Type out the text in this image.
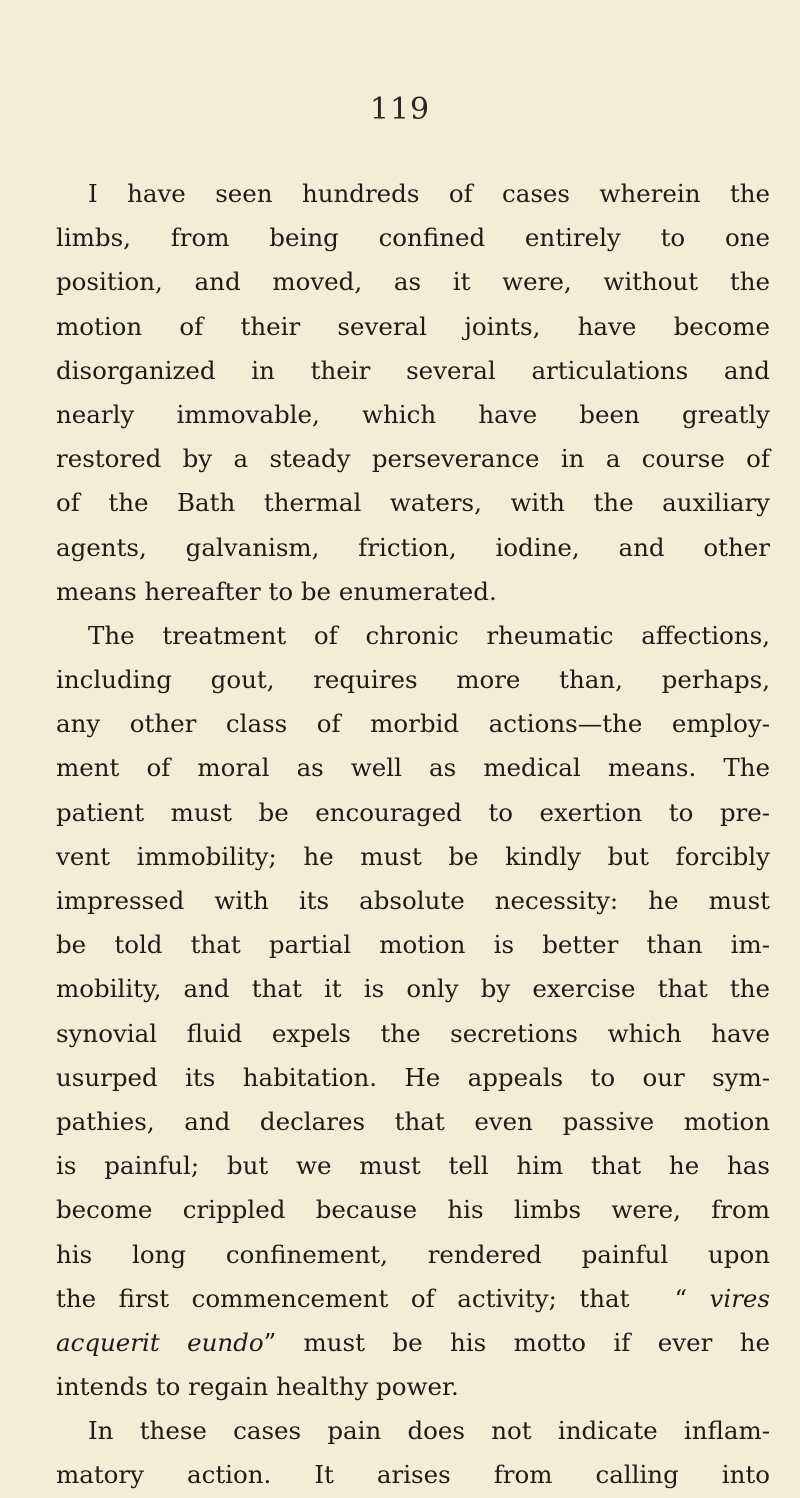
119
I have seen hundreds of cases wherein the
limbs, from being confined entirely to one
position, and moved, as it were, without the
motion of their several joints, have become
disorganized in their several articulations and
nearly immovable, which have been greatly
restored by a steady perseverance in a course of
of the Bath thermal waters, with the auxiliary
agents, galvanism, friction, iodine, and other
means hereafter to be enumerated.
The treatment of chronic rheumatic affections,
including gout, requires more than, perhaps,
any other class of morbid actions—the employ-
ment of moral as well as medical means. The
patient must be encouraged to exertion to pre-
vent immobility; he must be kindly but forcibly
impressed with its absolute necessity: he must
be told that partial motion is better than im-
mobility, and that it is only by exercise that the
synovial fluid expels the secretions which have
usurped its habitation. He appeals to our sym-
pathies, and declares that even passive motion
is painful; but we must tell him that he has
become crippled because his limbs were, from
his long confinement, rendered painful upon
the first commencement of activity; that “ vires
acquerit eundo” must be his motto if ever he
intends to regain healthy power.
In these cases pain does not indicate inflam-
matory action. It arises from calling into
